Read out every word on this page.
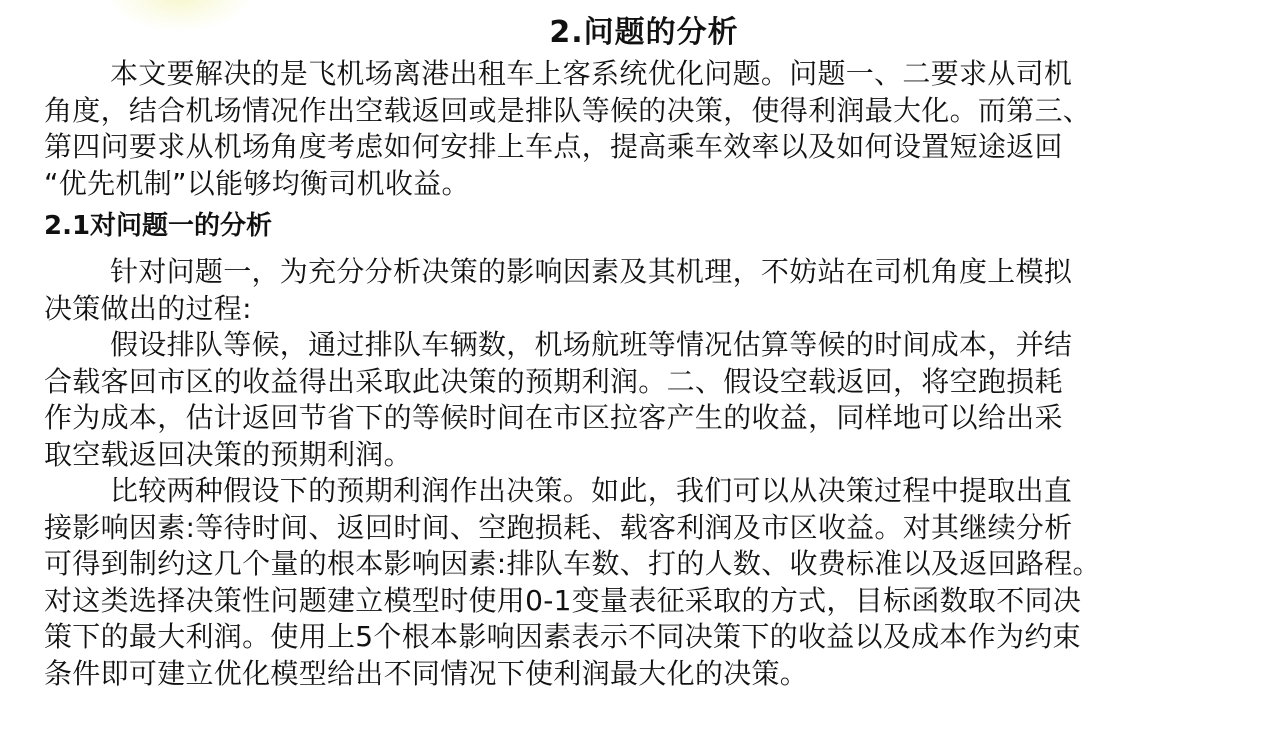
2.问题的分析

本文要解决的是飞机场离港出租车上客系统优化问题。问题一、二要求从司机
角度，结合机场情况作出空载返回或是排队等候的决策，使得利润最大化。而第三、
第四问要求从机场角度考虑如何安排上车点，提高乘车效率以及如何设置短途返回
“优先机制”以能够均衡司机收益。

2.1对问题一的分析

针对问题一，为充分分析决策的影响因素及其机理，不妨站在司机角度上模拟
决策做出的过程:

假设排队等候，通过排队车辆数，机场航班等情况估算等候的时间成本，并结
合载客回市区的收益得出采取此决策的预期利润。二、假设空载返回，将空跑损耗
作为成本，估计返回节省下的等候时间在市区拉客产生的收益，同样地可以给出采
取空载返回决策的预期利润。

比较两种假设下的预期利润作出决策。如此，我们可以从决策过程中提取出直
接影响因素:等待时间、返回时间、空跑损耗、载客利润及市区收益。对其继续分析
可得到制约这几个量的根本影响因素:排队车数、打的人数、收费标准以及返回路程。
对这类选择决策性问题建立模型时使用0-1变量表征采取的方式，目标函数取不同决
策下的最大利润。使用上5个根本影响因素表示不同决策下的收益以及成本作为约束
条件即可建立优化模型给出不同情况下使利润最大化的决策。
